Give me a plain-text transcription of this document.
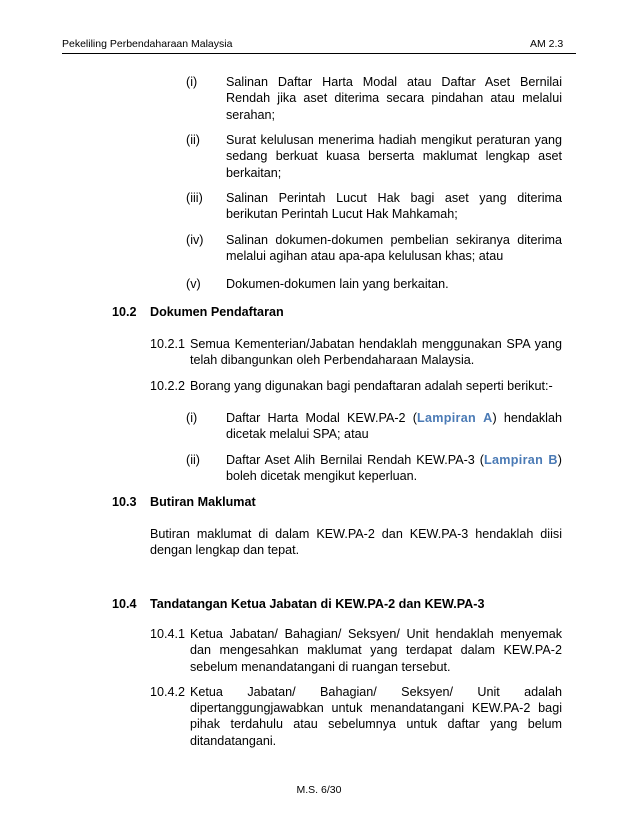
Pekeliling Perbendaharaan Malaysia	AM 2.3
(i) Salinan Daftar Harta Modal atau Daftar Aset Bernilai Rendah jika aset diterima secara pindahan atau melalui serahan;
(ii) Surat kelulusan menerima hadiah mengikut peraturan yang sedang berkuat kuasa berserta maklumat lengkap aset berkaitan;
(iii) Salinan Perintah Lucut Hak bagi aset yang diterima berikutan Perintah Lucut Hak Mahkamah;
(iv) Salinan dokumen-dokumen pembelian sekiranya diterima melalui agihan atau apa-apa kelulusan khas; atau
(v) Dokumen-dokumen lain yang berkaitan.
10.2 Dokumen Pendaftaran
10.2.1 Semua Kementerian/Jabatan hendaklah menggunakan SPA yang telah dibangunkan oleh Perbendaharaan Malaysia.
10.2.2 Borang yang digunakan bagi pendaftaran adalah seperti berikut:-
(i) Daftar Harta Modal KEW.PA-2 (Lampiran A) hendaklah dicetak melalui SPA; atau
(ii) Daftar Aset Alih Bernilai Rendah KEW.PA-3 (Lampiran B) boleh dicetak mengikut keperluan.
10.3 Butiran Maklumat
Butiran maklumat di dalam KEW.PA-2 dan KEW.PA-3 hendaklah diisi dengan lengkap dan tepat.
10.4 Tandatangan Ketua Jabatan di KEW.PA-2 dan KEW.PA-3
10.4.1 Ketua Jabatan/ Bahagian/ Seksyen/ Unit hendaklah menyemak dan mengesahkan maklumat yang terdapat dalam KEW.PA-2 sebelum menandatangani di ruangan tersebut.
10.4.2 Ketua Jabatan/ Bahagian/ Seksyen/ Unit adalah
dipertanggungjawabkan untuk menandatangani KEW.PA-2 bagi pihak terdahulu atau sebelumnya untuk daftar yang belum ditandatangani.
M.S. 6/30
